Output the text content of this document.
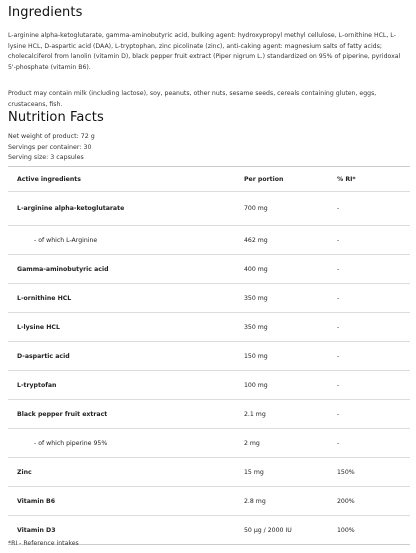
Ingredients

L-arginine alpha-ketoglutarate, gamma-aminobutyric acid, bulking agent: hydroxypropyl methyl cellulose, L-ornithine HCL, L-lysine HCL, D-aspartic acid (DAA), L-tryptophan, zinc picolinate (zinc), anti-caking agent: magnesium salts of fatty acids; cholecalciferol from lanolin (vitamin D), black pepper fruit extract (Piper nigrum L.) standardized on 95% of piperine, pyridoxal 5'-phosphate (vitamin B6).

Product may contain milk (including lactose), soy, peanuts, other nuts, sesame seeds, cereals containing gluten, eggs, crustaceans, fish.

Nutrition Facts
Net weight of product: 72 g
Servings per container: 30
Serving size: 3 capsules
Active ingredients	Per portion	% RI*
L-arginine alpha-ketoglutarate	700 mg	-
- of which L-Arginine	462 mg	-
Gamma-aminobutyric acid	400 mg	-
L-ornithine HCL	350 mg	-
L-lysine HCL	350 mg	-
D-aspartic acid	150 mg	-
L-tryptofan	100 mg	-
Black pepper fruit extract	2.1 mg	-
- of which piperine 95%	2 mg	-
Zinc	15 mg	150%
Vitamin B6	2.8 mg	200%
Vitamin D3	50 µg / 2000 IU	100%
*RI - Reference intakes
